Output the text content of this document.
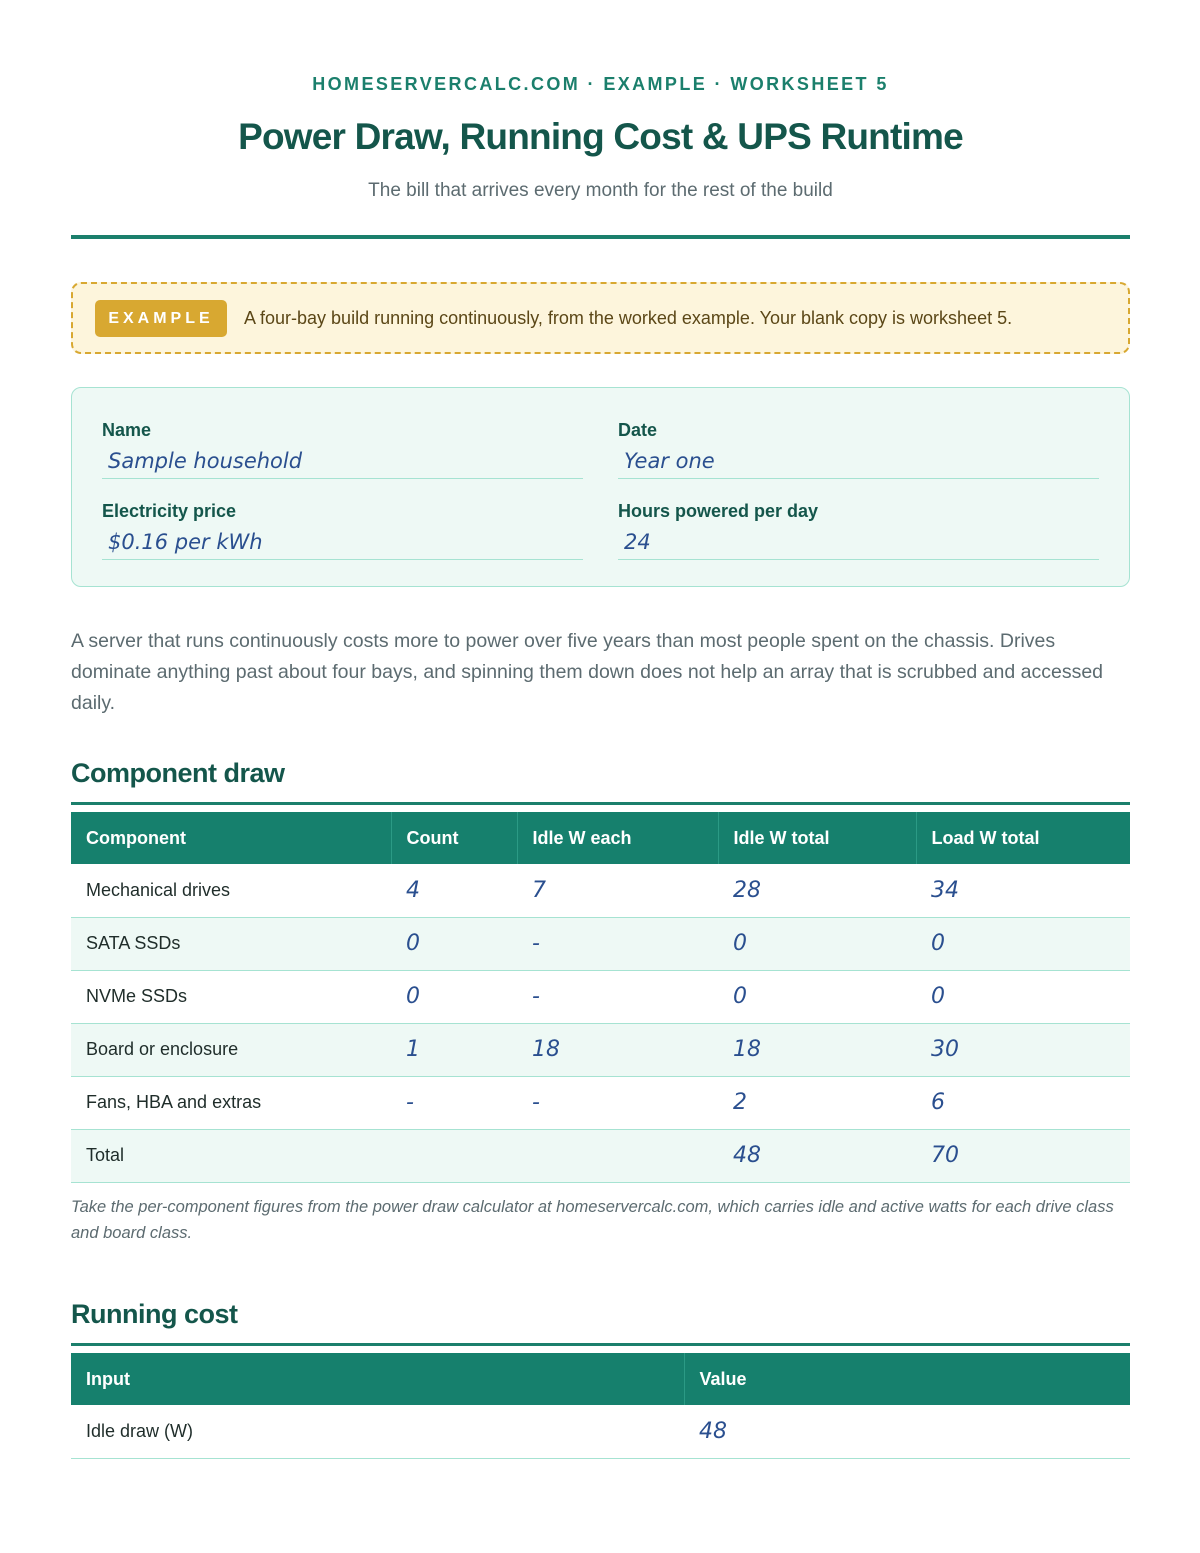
HOMESERVERCALC.COM · EXAMPLE · WORKSHEET 5
Power Draw, Running Cost & UPS Runtime
The bill that arrives every month for the rest of the build
EXAMPLE	A four-bay build running continuously, from the worked example. Your blank copy is worksheet 5.
Name
Sample household
Date
Year one
Electricity price
$0.16 per kWh
Hours powered per day
24
A server that runs continuously costs more to power over five years than most people spent on the chassis. Drives dominate anything past about four bays, and spinning them down does not help an array that is scrubbed and accessed daily.
Component draw
Component	Count	Idle W each	Idle W total	Load W total
Mechanical drives	4	7	28	34
SATA SSDs	0	-	0	0
NVMe SSDs	0	-	0	0
Board or enclosure	1	18	18	30
Fans, HBA and extras	-	-	2	6
Total			48	70
Take the per-component figures from the power draw calculator at homeservercalc.com, which carries idle and active watts for each drive class and board class.
Running cost
Input	Value
Idle draw (W)	48
